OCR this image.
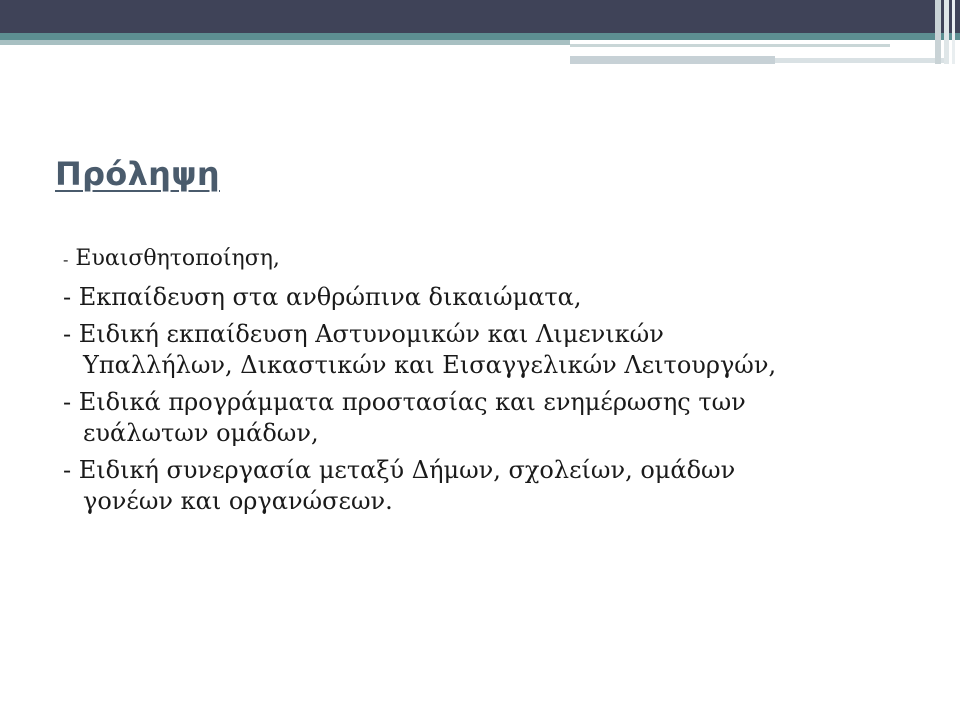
Πρόληψη
- Ευαισθητοποίηση,
- Εκπαίδευση στα ανθρώπινα δικαιώματα,
- Ειδική εκπαίδευση Αστυνομικών και Λιμενικών
Υπαλλήλων, Δικαστικών και Εισαγγελικών Λειτουργών,
- Ειδικά προγράμματα προστασίας και ενημέρωσης των
ευάλωτων ομάδων,
- Ειδική συνεργασία μεταξύ Δήμων, σχολείων, ομάδων
γονέων και οργανώσεων.
